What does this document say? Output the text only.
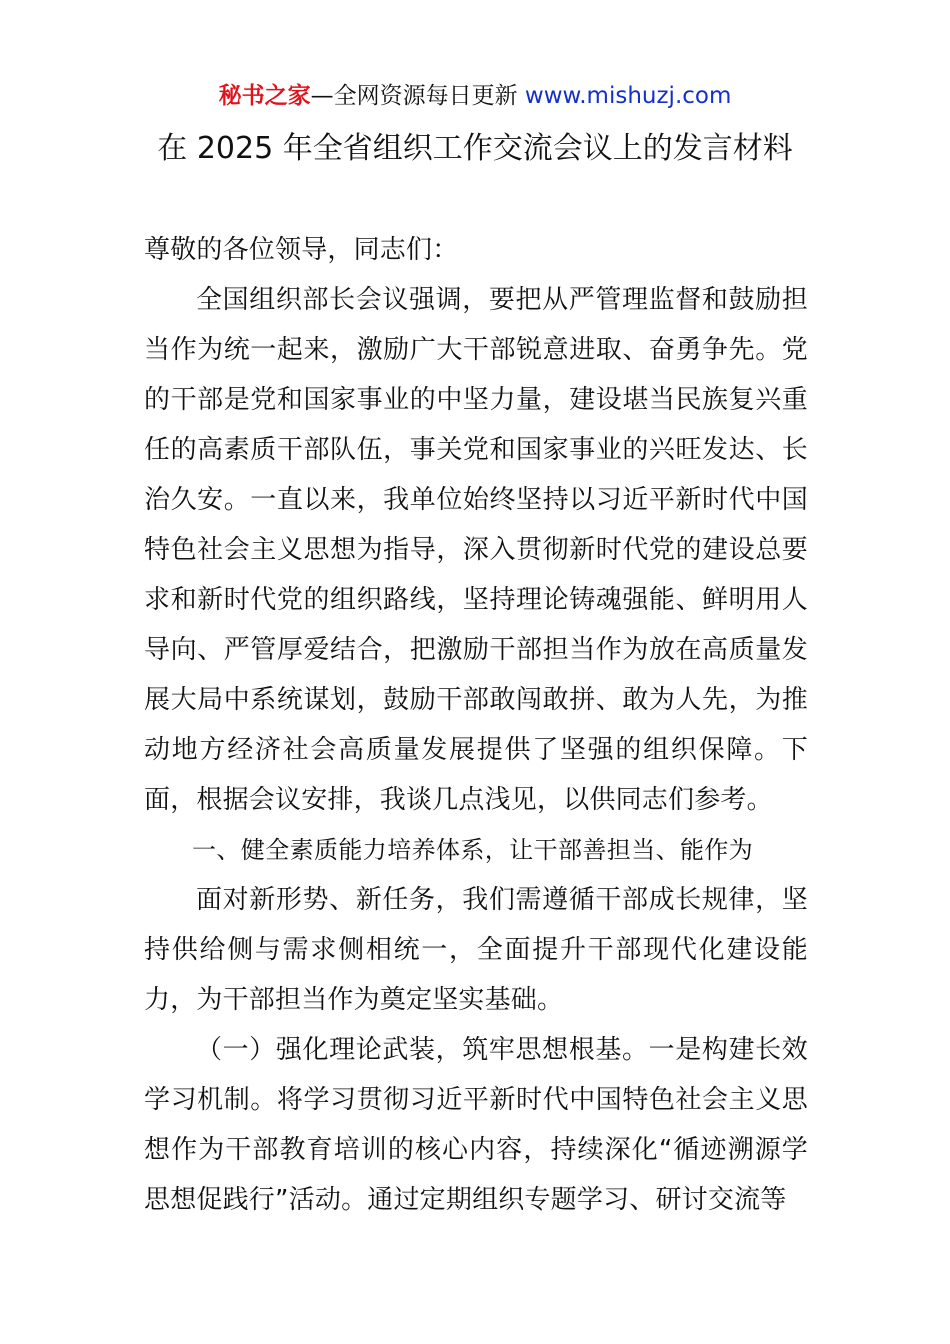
秘书之家—全网资源每日更新 www.mishuzj.com
在 2025 年全省组织工作交流会议上的发言材料

尊敬的各位领导，同志们：

全国组织部长会议强调，要把从严管理监督和鼓励担当作为统一起来，激励广大干部锐意进取、奋勇争先。党的干部是党和国家事业的中坚力量，建设堪当民族复兴重任的高素质干部队伍，事关党和国家事业的兴旺发达、长治久安。一直以来，我单位始终坚持以习近平新时代中国特色社会主义思想为指导，深入贯彻新时代党的建设总要求和新时代党的组织路线，坚持理论铸魂强能、鲜明用人导向、严管厚爱结合，把激励干部担当作为放在高质量发展大局中系统谋划，鼓励干部敢闯敢拼、敢为人先，为推动地方经济社会高质量发展提供了坚强的组织保障。下面，根据会议安排，我谈几点浅见，以供同志们参考。

一、健全素质能力培养体系，让干部善担当、能作为

面对新形势、新任务，我们需遵循干部成长规律，坚持供给侧与需求侧相统一，全面提升干部现代化建设能力，为干部担当作为奠定坚实基础。

（一）强化理论武装，筑牢思想根基。一是构建长效学习机制。将学习贯彻习近平新时代中国特色社会主义思想作为干部教育培训的核心内容，持续深化“循迹溯源学思想促践行”活动。通过定期组织专题学习、研讨交流等
